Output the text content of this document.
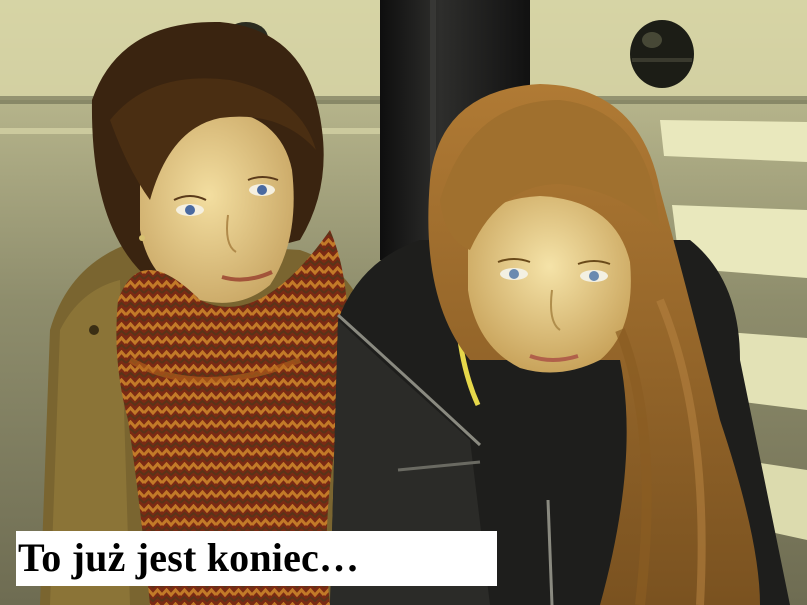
To już jest koniec…
